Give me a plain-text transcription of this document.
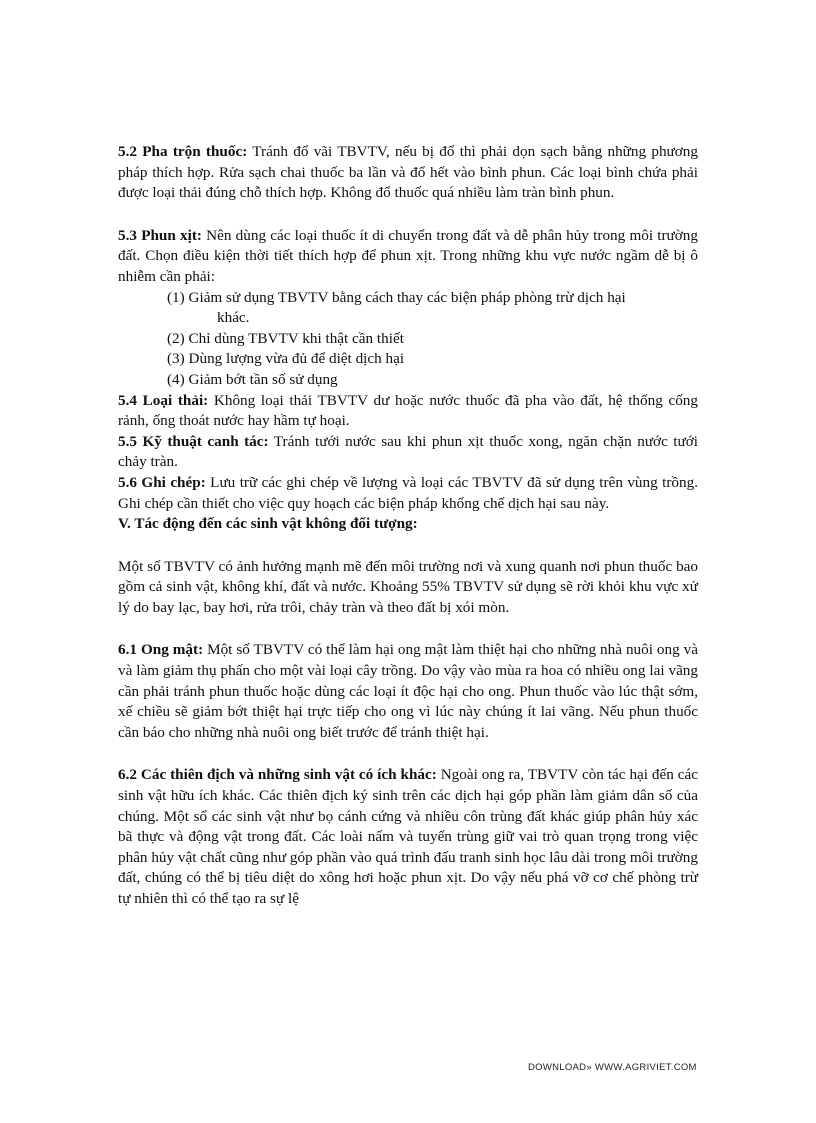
5.2 Pha trộn thuốc: Tránh đổ vãi TBVTV, nếu bị đổ thì phải dọn sạch bằng những phương pháp thích hợp. Rửa sạch chai thuốc ba lần và đổ hết vào bình phun. Các loại bình chứa phải được loại thải đúng chỗ thích hợp. Không đổ thuốc quá nhiều làm tràn bình phun.

5.3 Phun xịt: Nên dùng các loại thuốc ít di chuyển trong đất và dễ phân hủy trong môi trường đất. Chọn điều kiện thời tiết thích hợp để phun xịt. Trong những khu vực nước ngầm dễ bị ô nhiễm cần phải:

(1) Giảm sử dụng TBVTV bằng cách thay các biện pháp phòng trừ dịch hại
khác.
(2) Chỉ dùng TBVTV khi thật cần thiết
(3) Dùng lượng vừa đủ để diệt dịch hại
(4) Giảm bớt tần số sử dụng

5.4 Loại thải: Không loại thải TBVTV dư hoặc nước thuốc đã pha vào đất, hệ thống cống rảnh, ống thoát nước hay hầm tự hoại.

5.5 Kỹ thuật canh tác: Tránh tưới nước sau khi phun xịt thuốc xong, ngăn chặn nước tưới chảy tràn.

5.6 Ghi chép: Lưu trữ các ghi chép về lượng và loại các TBVTV đã sử dụng trên vùng trồng. Ghi chép cần thiết cho việc quy hoạch các biện pháp khống chế dịch hại sau này.

V. Tác động đến các sinh vật không đối tượng:

Một số TBVTV có ảnh hưởng mạnh mẽ đến môi trường nơi và xung quanh nơi phun thuốc bao gồm cả sinh vật, không khí, đất và nước. Khoảng 55% TBVTV sử dụng sẽ rời khỏi khu vực xử lý do bay lạc, bay hơi, rửa trôi, chảy tràn và theo đất bị xói mòn.

6.1 Ong mật: Một số TBVTV có thể làm hại ong mật làm thiệt hại cho những nhà nuôi ong và và làm giảm thụ phấn cho một vài loại cây trồng. Do vậy vào mùa ra hoa có nhiều ong lai vãng cần phải tránh phun thuốc hoặc dùng các loại ít độc hại cho ong. Phun thuốc vào lúc thật sớm, xế chiều sẽ giảm bớt thiệt hại trực tiếp cho ong vì lúc này chúng ít lai vãng. Nếu phun thuốc cần báo cho những nhà nuôi ong biết trước để tránh thiệt hại.

6.2 Các thiên địch và những sinh vật có ích khác: Ngoài ong ra, TBVTV còn tác hại đến các sinh vật hữu ích khác. Các thiên địch ký sinh trên các dịch hại góp phần làm giảm dân số của chúng. Một số các sinh vật như bọ cánh cứng và nhiều côn trùng đất khác giúp phân hủy xác bã thực và động vật trong đất. Các loài nấm và tuyến trùng giữ vai trò quan trọng trong việc phân hủy vật chất cũng như góp phần vào quá trình đấu tranh sinh học lâu dài trong môi trường đất, chúng có thể bị tiêu diệt do xông hơi hoặc phun xịt. Do vậy nếu phá vỡ cơ chế phòng trừ tự nhiên thì có thể tạo ra sự lệ

DOWNLOAD» WWW.AGRIVIET.COM
